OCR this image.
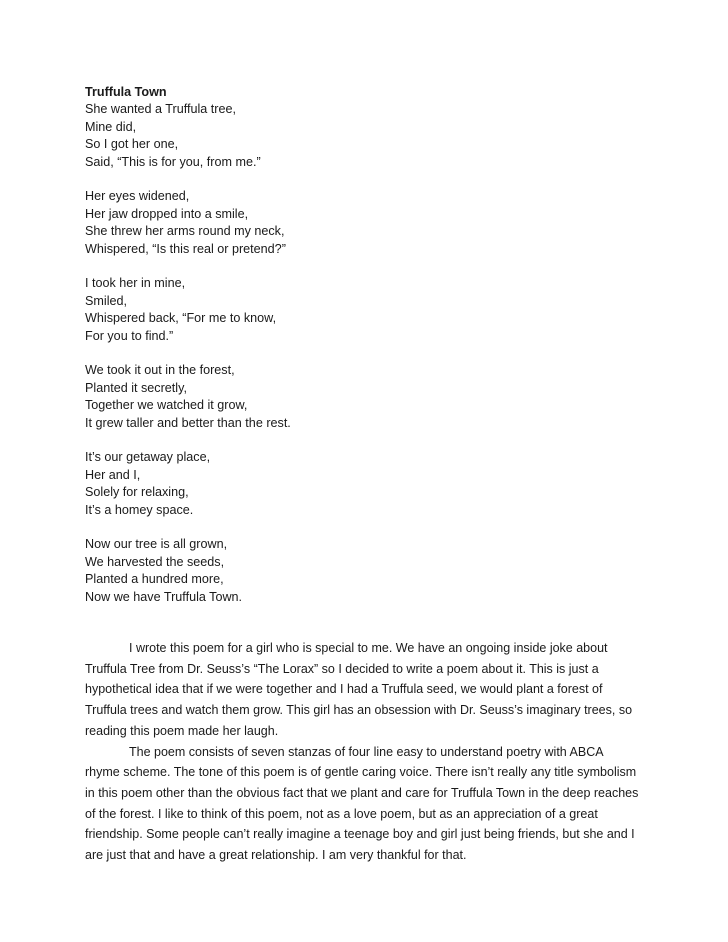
Truffula Town
She wanted a Truffula tree,
Mine did,
So I got her one,
Said, “This is for you, from me.”
Her eyes widened,
Her jaw dropped into a smile,
She threw her arms round my neck,
Whispered, “Is this real or pretend?”
I took her in mine,
Smiled,
Whispered back, “For me to know,
For you to find.”
We took it out in the forest,
Planted it secretly,
Together we watched it grow,
It grew taller and better than the rest.
It’s our getaway place,
Her and I,
Solely for relaxing,
It’s a homey space.
Now our tree is all grown,
We harvested the seeds,
Planted a hundred more,
Now we have Truffula Town.

I wrote this poem for a girl who is special to me. We have an ongoing inside joke about Truffula Tree from Dr. Seuss’s “The Lorax” so I decided to write a poem about it. This is just a hypothetical idea that if we were together and I had a Truffula seed, we would plant a forest of Truffula trees and watch them grow. This girl has an obsession with Dr. Seuss’s imaginary trees, so reading this poem made her laugh.

The poem consists of seven stanzas of four line easy to understand poetry with ABCA rhyme scheme. The tone of this poem is of gentle caring voice. There isn’t really any title symbolism in this poem other than the obvious fact that we plant and care for Truffula Town in the deep reaches of the forest. I like to think of this poem, not as a love poem, but as an appreciation of a great friendship. Some people can’t really imagine a teenage boy and girl just being friends, but she and I are just that and have a great relationship. I am very thankful for that.
